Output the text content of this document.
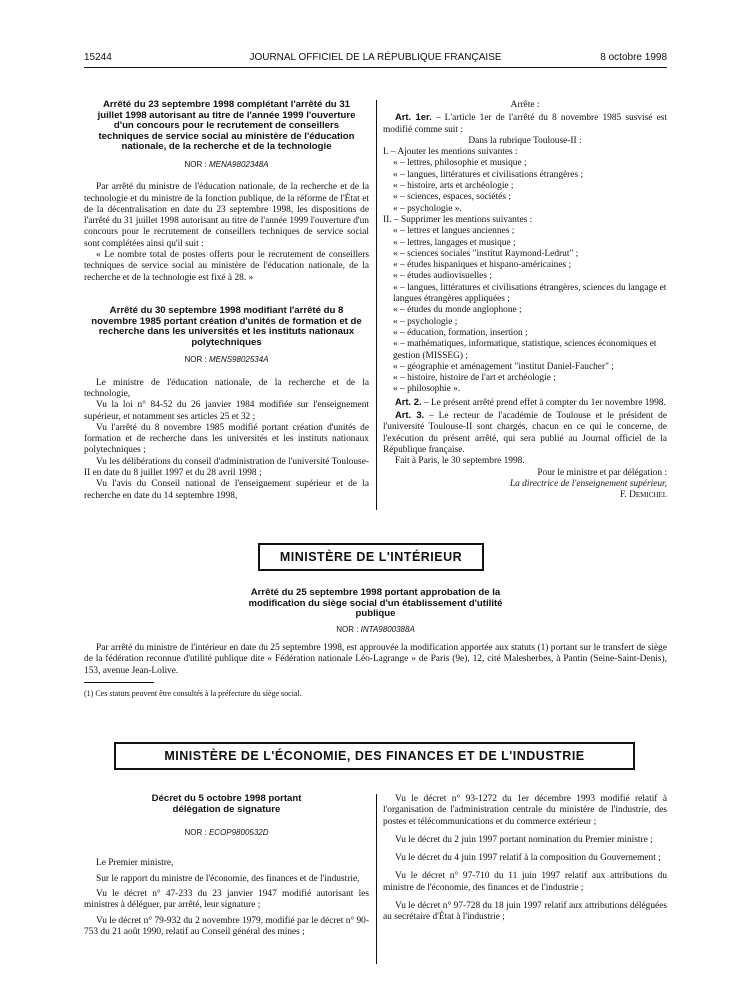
15244	JOURNAL OFFICIEL DE LA RÉPUBLIQUE FRANÇAISE	8 octobre 1998

Arrêté du 23 septembre 1998 complétant l'arrêté du 31 juillet 1998 autorisant au titre de l'année 1999 l'ouverture d'un concours pour le recrutement de conseillers techniques de service social au ministère de l'éducation nationale, de la recherche et de la technologie

NOR : MENA9802348A

Par arrêté du ministre de l'éducation nationale, de la recherche et de la technologie et du ministre de la fonction publique, de la réforme de l'État et de la décentralisation en date du 23 septembre 1998, les dispositions de l'arrêté du 31 juillet 1998 autorisant au titre de l'année 1999 l'ouverture d'un concours pour le recrutement de conseillers techniques de service social sont complétées ainsi qu'il suit :

« Le nombre total de postes offerts pour le recrutement de conseillers techniques de service social au ministère de l'éducation nationale, de la recherche et de la technologie est fixé à 28. »

Arrêté du 30 septembre 1998 modifiant l'arrêté du 8 novembre 1985 portant création d'unités de formation et de recherche dans les universités et les instituts nationaux polytechniques

NOR : MENS9802534A

Le ministre de l'éducation nationale, de la recherche et de la technologie,

Vu la loi n° 84-52 du 26 janvier 1984 modifiée sur l'enseignement supérieur, et notamment ses articles 25 et 32 ;

Vu l'arrêté du 8 novembre 1985 modifié portant création d'unités de formation et de recherche dans les universités et les instituts nationaux polytechniques ;

Vu les délibérations du conseil d'administration de l'université Toulouse-II en date du 8 juillet 1997 et du 28 avril 1998 ;

Vu l'avis du Conseil national de l'enseignement supérieur et de la recherche en date du 14 septembre 1998,

Arrête :

Art. 1er. – L'article 1er de l'arrêté du 8 novembre 1985 susvisé est modifié comme suit :

Dans la rubrique Toulouse-II :

I. – Ajouter les mentions suivantes :

« – lettres, philosophie et musique ;

« – langues, littératures et civilisations étrangères ;

« – histoire, arts et archéologie ;

« – sciences, espaces, sociétés ;

« – psychologie ».

II. – Supprimer les mentions suivantes :

« – lettres et langues anciennes ;

« – lettres, langages et musique ;

« – sciences sociales "institut Raymond-Ledrut" ;

« – études hispaniques et hispano-américaines ;

« – études audiovisuelles ;

« – langues, littératures et civilisations étrangères, sciences du langage et langues étrangères appliquées ;

« – études du monde anglophone ;

« – psychologie ;

« – éducation, formation, insertion ;

« – mathématiques, informatique, statistique, sciences économiques et gestion (MISSEG) ;

« – géographie et aménagement "institut Daniel-Faucher" ;

« – histoire, histoire de l'art et archéologie ;

« – philosophie ».

Art. 2. – Le présent arrêté prend effet à compter du 1er novembre 1998.

Art. 3. – Le recteur de l'académie de Toulouse et le président de l'université Toulouse-II sont chargés, chacun en ce qui le concerne, de l'exécution du présent arrêté, qui sera publié au Journal officiel de la République française.

Fait à Paris, le 30 septembre 1998.

Pour le ministre et par délégation :

La directrice de l'enseignement supérieur,

F. Demichel

MINISTÈRE DE L'INTÉRIEUR

Arrêté du 25 septembre 1998 portant approbation de la modification du siège social d'un établissement d'utilité publique

NOR : INTA9800388A

Par arrêté du ministre de l'intérieur en date du 25 septembre 1998, est approuvée la modification apportée aux statuts (1) portant sur le transfert de siège de la fédération reconnue d'utilité publique dite « Fédération nationale Léo-Lagrange » de Paris (9e), 12, cité Malesherbes, à Pantin (Seine-Saint-Denis), 153, avenue Jean-Lolive.

(1) Ces statuts peuvent être consultés à la préfecture du siège social.
MINISTÈRE DE L'ÉCONOMIE, DES FINANCES ET DE L'INDUSTRIE

Décret du 5 octobre 1998 portant délégation de signature

NOR : ECOP9800532D

Le Premier ministre,

Sur le rapport du ministre de l'économie, des finances et de l'industrie,

Vu le décret n° 47-233 du 23 janvier 1947 modifié autorisant les ministres à déléguer, par arrêté, leur signature ;

Vu le décret n° 79-932 du 2 novembre 1979, modifié par le décret n° 90-753 du 21 août 1990, relatif au Conseil général des mines ;

Vu le décret n° 93-1272 du 1er décembre 1993 modifié relatif à l'organisation de l'administration centrale du ministère de l'industrie, des postes et télécommunications et du commerce extérieur ;

Vu le décret du 2 juin 1997 portant nomination du Premier ministre ;

Vu le décret du 4 juin 1997 relatif à la composition du Gouvernement ;

Vu le décret n° 97-710 du 11 juin 1997 relatif aux attributions du ministre de l'économie, des finances et de l'industrie ;

Vu le décret n° 97-728 du 18 juin 1997 relatif aux attributions déléguées au secrétaire d'État à l'industrie ;
